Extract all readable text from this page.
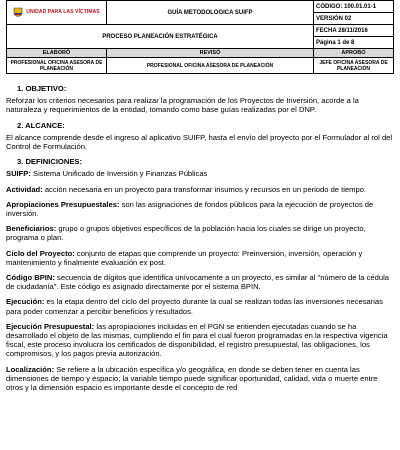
UNIDAD PARA LAS VÍCTIMAS	GUÍA METODOLOGICA SUIFP	CÓDIGO: 100.01.01-1
		VERSIÓN 02
PROCESO PLANEACIÓN ESTRATÉGICA		FECHA 28/11/2016
		Página 1 de 8
ELABORÓ	REVISÓ	APROBO
PROFESIONAL OFICINA ASESORA DE PLANEACIÓN	PROFESIONAL OFICINA ASESORA DE PLANEACIÓN	JEFE OFICINA ASESORA DE PLANEACIÓN
1. OBJETIVO:

Reforzar los criterios necesarios para realizar la programación de los Proyectos de Inversión, acorde a la naturaleza y requerimientos de la entidad, tomando como base guías realizadas por el DNP.

2. ALCANCE:

El alcance comprende desde el ingreso al aplicativo SUIFP, hasta el envío del proyecto por el Formulador al rol del Control de Formulación.

3. DEFINICIONES:

SUIFP: Sistema Unificado de Inversión y Finanzas Públicas

Actividad: acción necesaria en un proyecto para transformar insumos y recursos en un periodo de tiempo.

Apropiaciones Presupuestales: son las asignaciones de fondos públicos para la ejecución de proyectos de inversión.

Beneficiarios: grupo o grupos objetivos específicos de la población hacia los cuales se dirige un proyecto, programa o plan.

Ciclo del Proyecto: conjunto de etapas que comprende un proyecto: Preinversión, inversión, operación y mantenimiento y finalmente evaluación ex post.

Código BPIN: secuencia de dígitos que identifica unívocamente a un proyecto, es similar al "número de la cédula de ciudadanía". Este código es asignado directamente por el sistema BPIN.

Ejecución: es la etapa dentro del ciclo del proyecto durante la cual se realizan todas las inversiones necesarias para poder comenzar a percibir beneficios y resultados.

Ejecución Presupuestal: las apropiaciones incluidas en el PGN se entienden ejecutadas cuando se ha desarrollado el objeto de las mismas, cumpliendo el fin para el cual fueron programadas en la respectiva vigencia fiscal, este proceso involucra los certificados de disponibilidad, el registro presupuestal, las obligaciones, los compromisos, y los pagos previa autorización.

Localización: Se refiere a la ubicación específica y/o geográfica, en donde se deben tener en cuenta las dimensiones de tiempo y espacio; la variable tiempo puede significar oportunidad, calidad, vida o muerte entre otros y la dimensión espacio es importante desde el concepto de red
